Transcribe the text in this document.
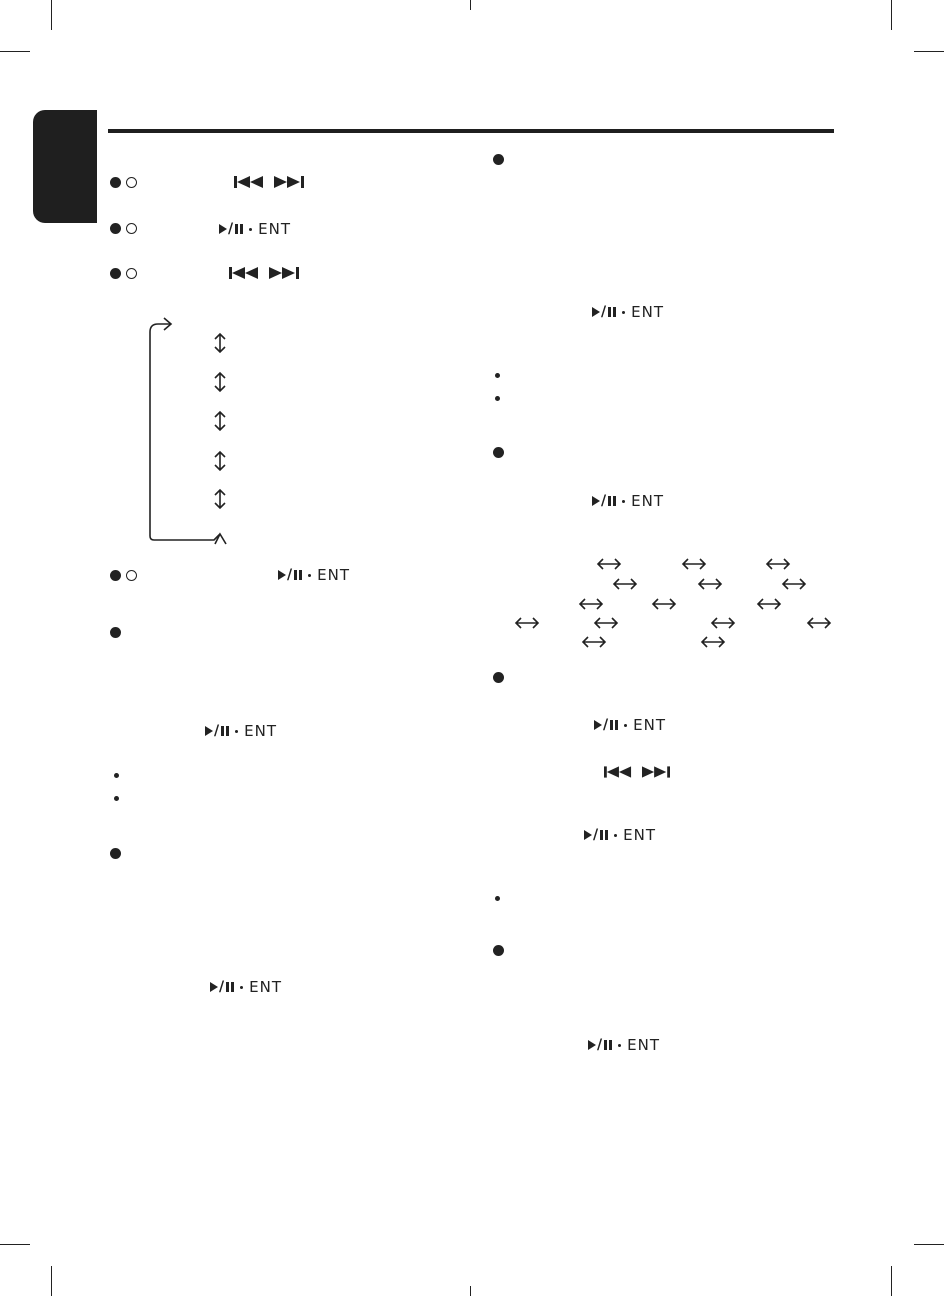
/ ENT
/ ENT
/ ENT
/ ENT
/ ENT
/ ENT
/ ENT
/ ENT
/ ENT
